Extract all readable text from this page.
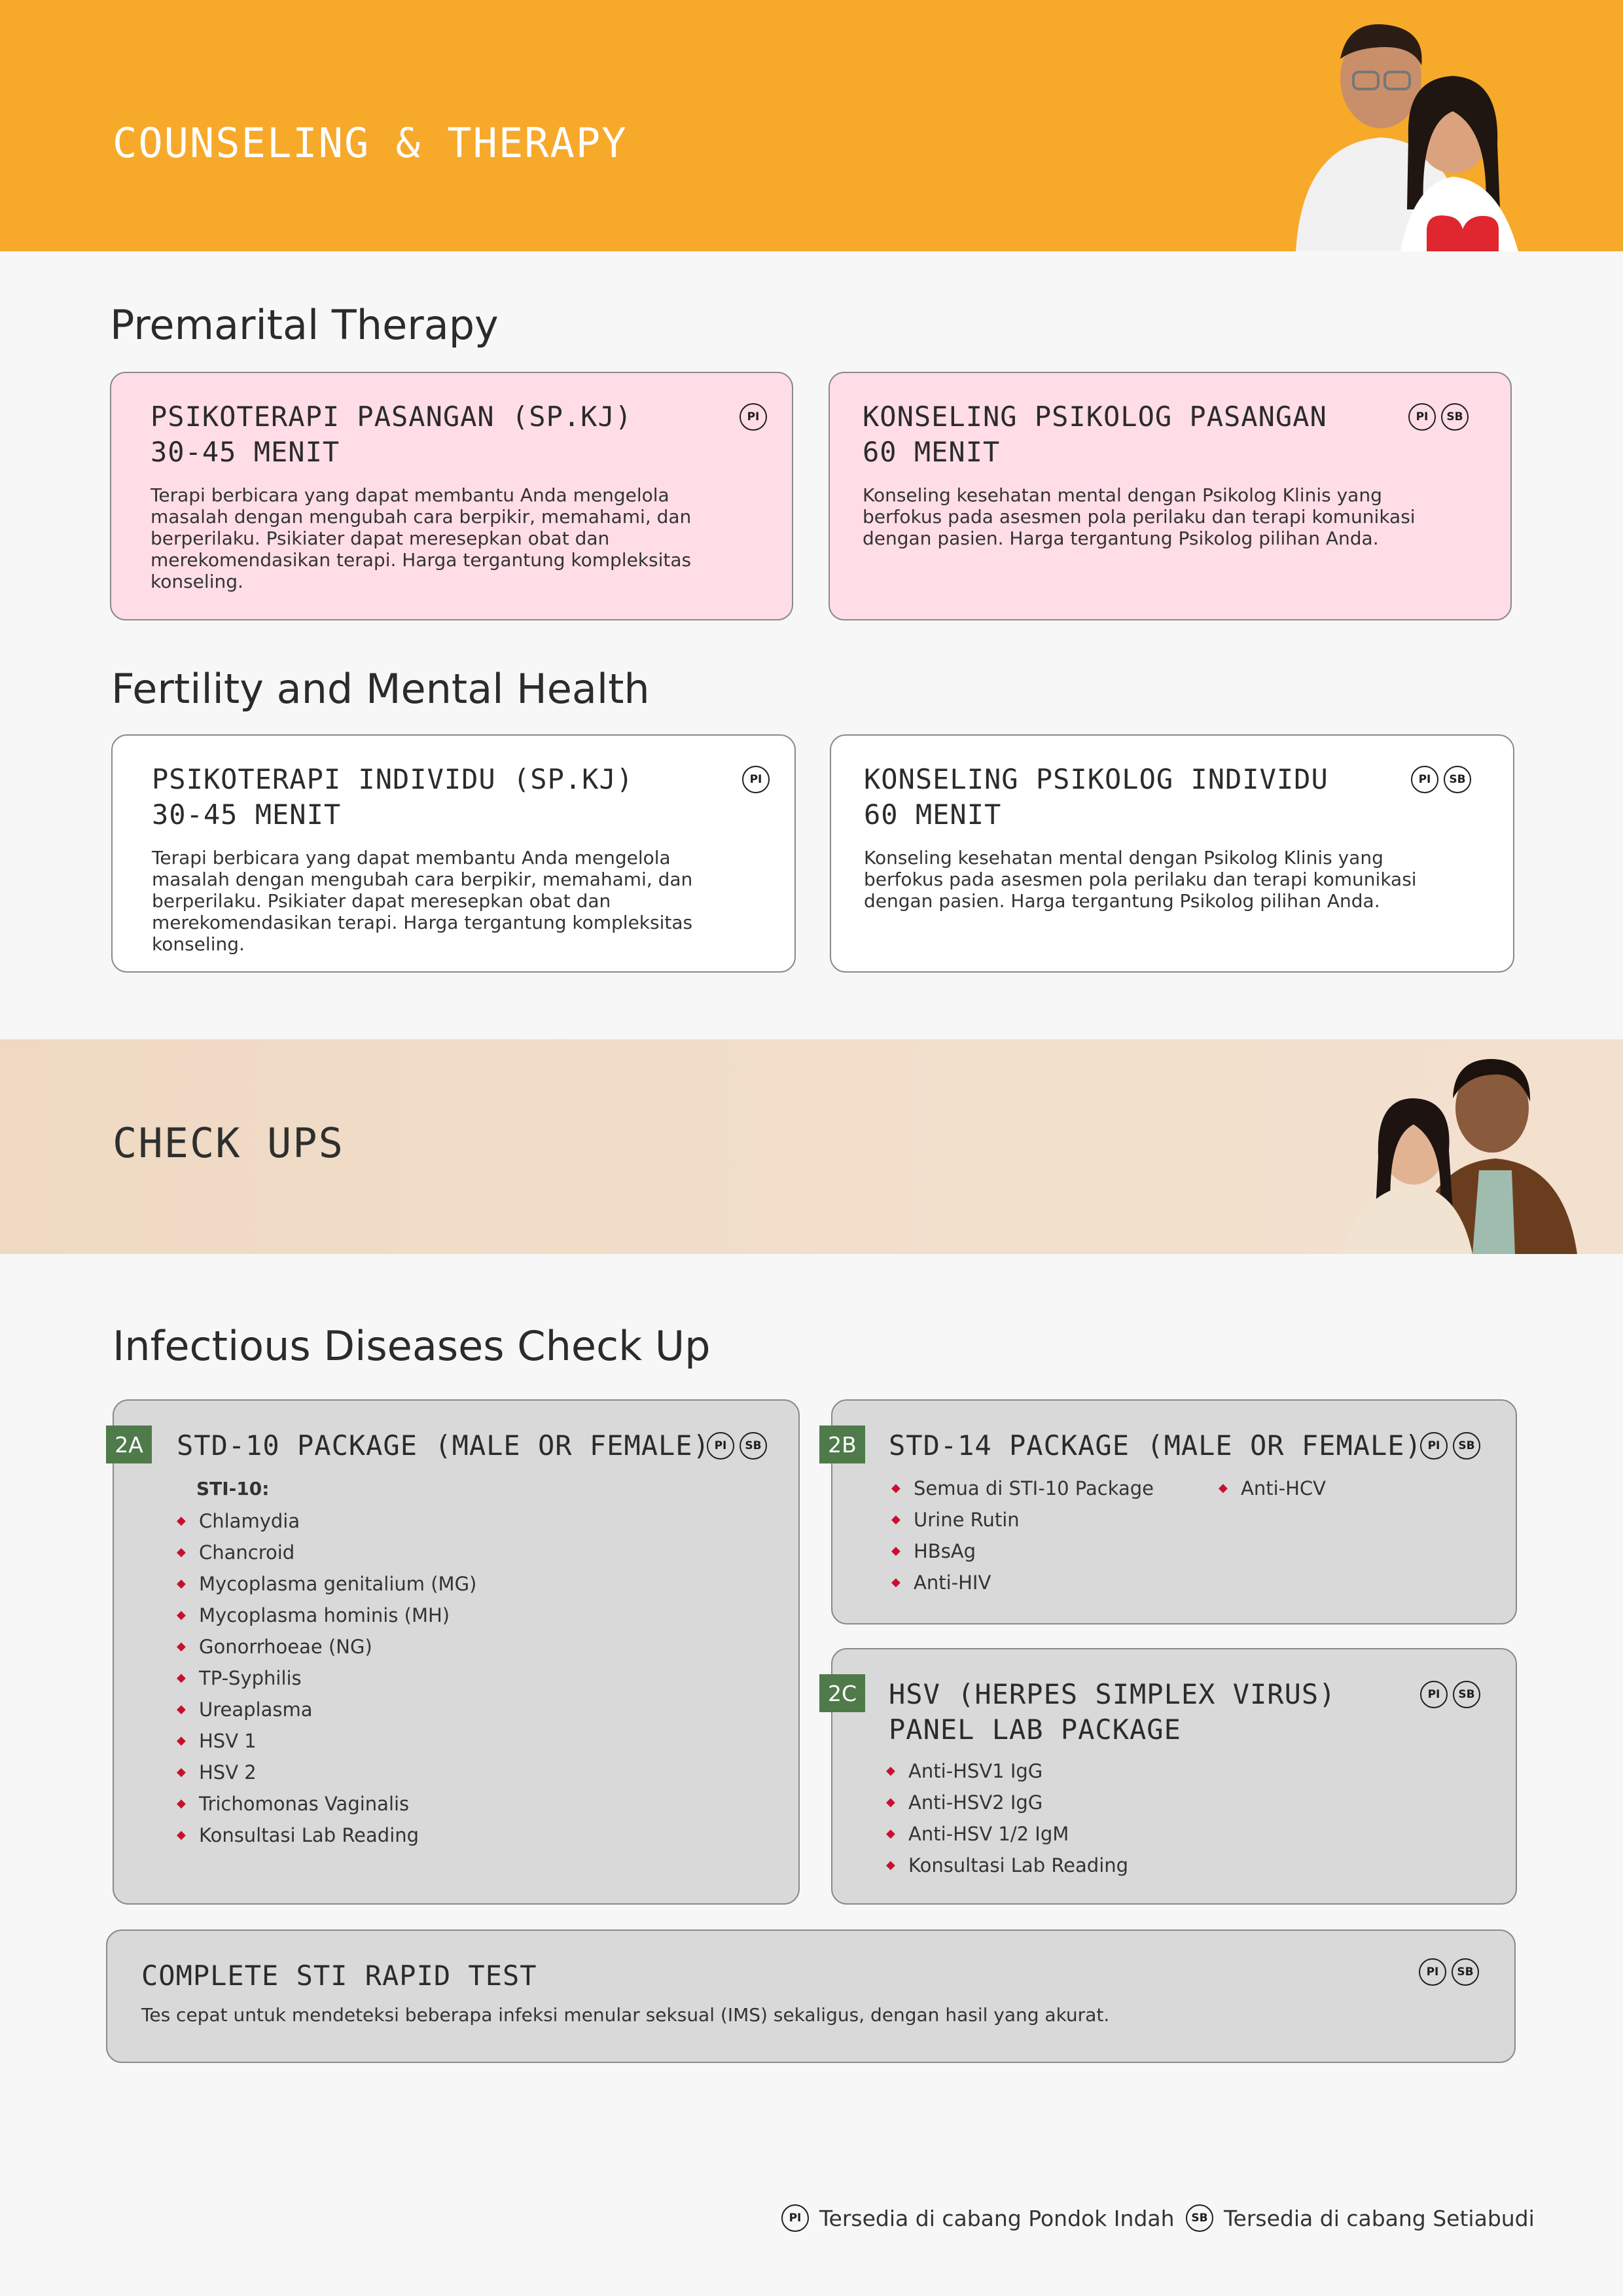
COUNSELING & THERAPY
Premarital Therapy
PSIKOTERAPI PASANGAN (SP.KJ)
30-45 MENIT
PI
Terapi berbicara yang dapat membantu Anda mengelola masalah dengan mengubah cara berpikir, memahami, dan berperilaku. Psikiater dapat meresepkan obat dan merekomendasikan terapi. Harga tergantung kompleksitas konseling.
KONSELING PSIKOLOG PASANGAN
60 MENIT
PI	SB
Konseling kesehatan mental dengan Psikolog Klinis yang berfokus pada asesmen pola perilaku dan terapi komunikasi dengan pasien. Harga tergantung Psikolog pilihan Anda.
Fertility and Mental Health
PSIKOTERAPI INDIVIDU (SP.KJ)
30-45 MENIT
PI
Terapi berbicara yang dapat membantu Anda mengelola masalah dengan mengubah cara berpikir, memahami, dan berperilaku. Psikiater dapat meresepkan obat dan merekomendasikan terapi. Harga tergantung kompleksitas konseling.
KONSELING PSIKOLOG INDIVIDU
60 MENIT
PI	SB
Konseling kesehatan mental dengan Psikolog Klinis yang berfokus pada asesmen pola perilaku dan terapi komunikasi dengan pasien. Harga tergantung Psikolog pilihan Anda.
CHECK UPS
Infectious Diseases Check Up
STD-10 PACKAGE (MALE OR FEMALE) PI	SB
STI-10:
◆ Chlamydia
◆ Chancroid
◆ Mycoplasma genitalium (MG)
◆ Mycoplasma hominis (MH)
◆ Gonorrhoeae (NG)
◆ TP-Syphilis
◆ Ureaplasma
◆ HSV 1
◆ HSV 2
◆ Trichomonas Vaginalis
◆ Konsultasi Lab Reading
2A	STD-14 PACKAGE (MALE OR FEMALE) PI	SB
◆ Semua di STI-10 Package
◆ Urine Rutin
◆ HBsAg
◆ Anti-HIV
◆ Anti-HCV
2B
HSV (HERPES SIMPLEX VIRUS)
PANEL LAB PACKAGE
PI	SB
◆ Anti-HSV1 IgG
◆ Anti-HSV2 IgG
◆ Anti-HSV 1/2 IgM
◆ Konsultasi Lab Reading
2C
COMPLETE STI RAPID TEST	PI	SB
Tes cepat untuk mendeteksi beberapa infeksi menular seksual (IMS) sekaligus, dengan hasil yang akurat.
PI Tersedia di cabang Pondok Indah	SB Tersedia di cabang Setiabudi
